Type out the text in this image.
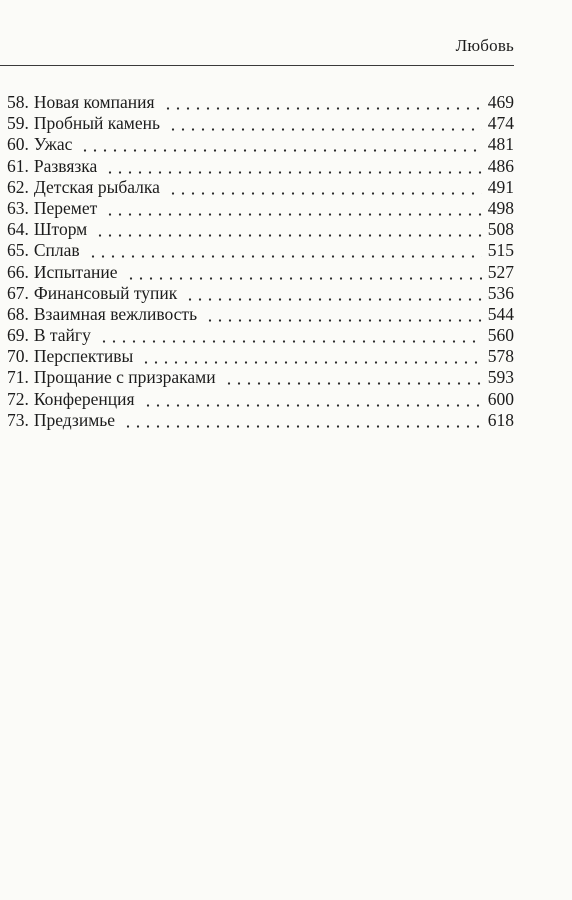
Любовь
58. Новая компания	469
59. Пробный камень	474
60. Ужас	481
61. Развязка	486
62. Детская рыбалка	491
63. Перемет	498
64. Шторм	508
65. Сплав	515
66. Испытание	527
67. Финансовый тупик	536
68. Взаимная вежливость	544
69. В тайгу	560
70. Перспективы	578
71. Прощание с призраками	593
72. Конференция	600
73. Предзимье	618
